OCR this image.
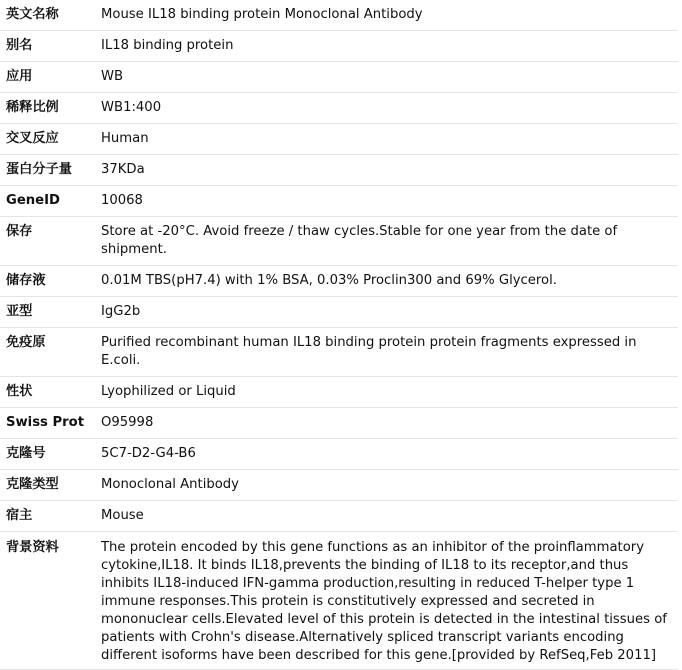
英文名称	Mouse IL18 binding protein Monoclonal Antibody
别名	IL18 binding protein
应用	WB
稀释比例	WB1:400
交叉反应	Human
蛋白分子量	37KDa
GeneID	10068
保存	Store at -20°C. Avoid freeze / thaw cycles.Stable for one year from the date of shipment.
储存液	0.01M TBS(pH7.4) with 1% BSA, 0.03% Proclin300 and 69% Glycerol.
亚型	IgG2b
免疫原	Purified recombinant human IL18 binding protein protein fragments expressed in E.coli.
性状	Lyophilized or Liquid
Swiss Prot	O95998
克隆号	5C7-D2-G4-B6
克隆类型	Monoclonal Antibody
宿主	Mouse
背景资料	The protein encoded by this gene functions as an inhibitor of the proinflammatory cytokine,IL18. It binds IL18,prevents the binding of IL18 to its receptor,and thus inhibits IL18-induced IFN-gamma production,resulting in reduced T-helper type 1 immune responses.This protein is constitutively expressed and secreted in mononuclear cells.Elevated level of this protein is detected in the intestinal tissues of patients with Crohn's disease.Alternatively spliced transcript variants encoding different isoforms have been described for this gene.[provided by RefSeq,Feb 2011]
